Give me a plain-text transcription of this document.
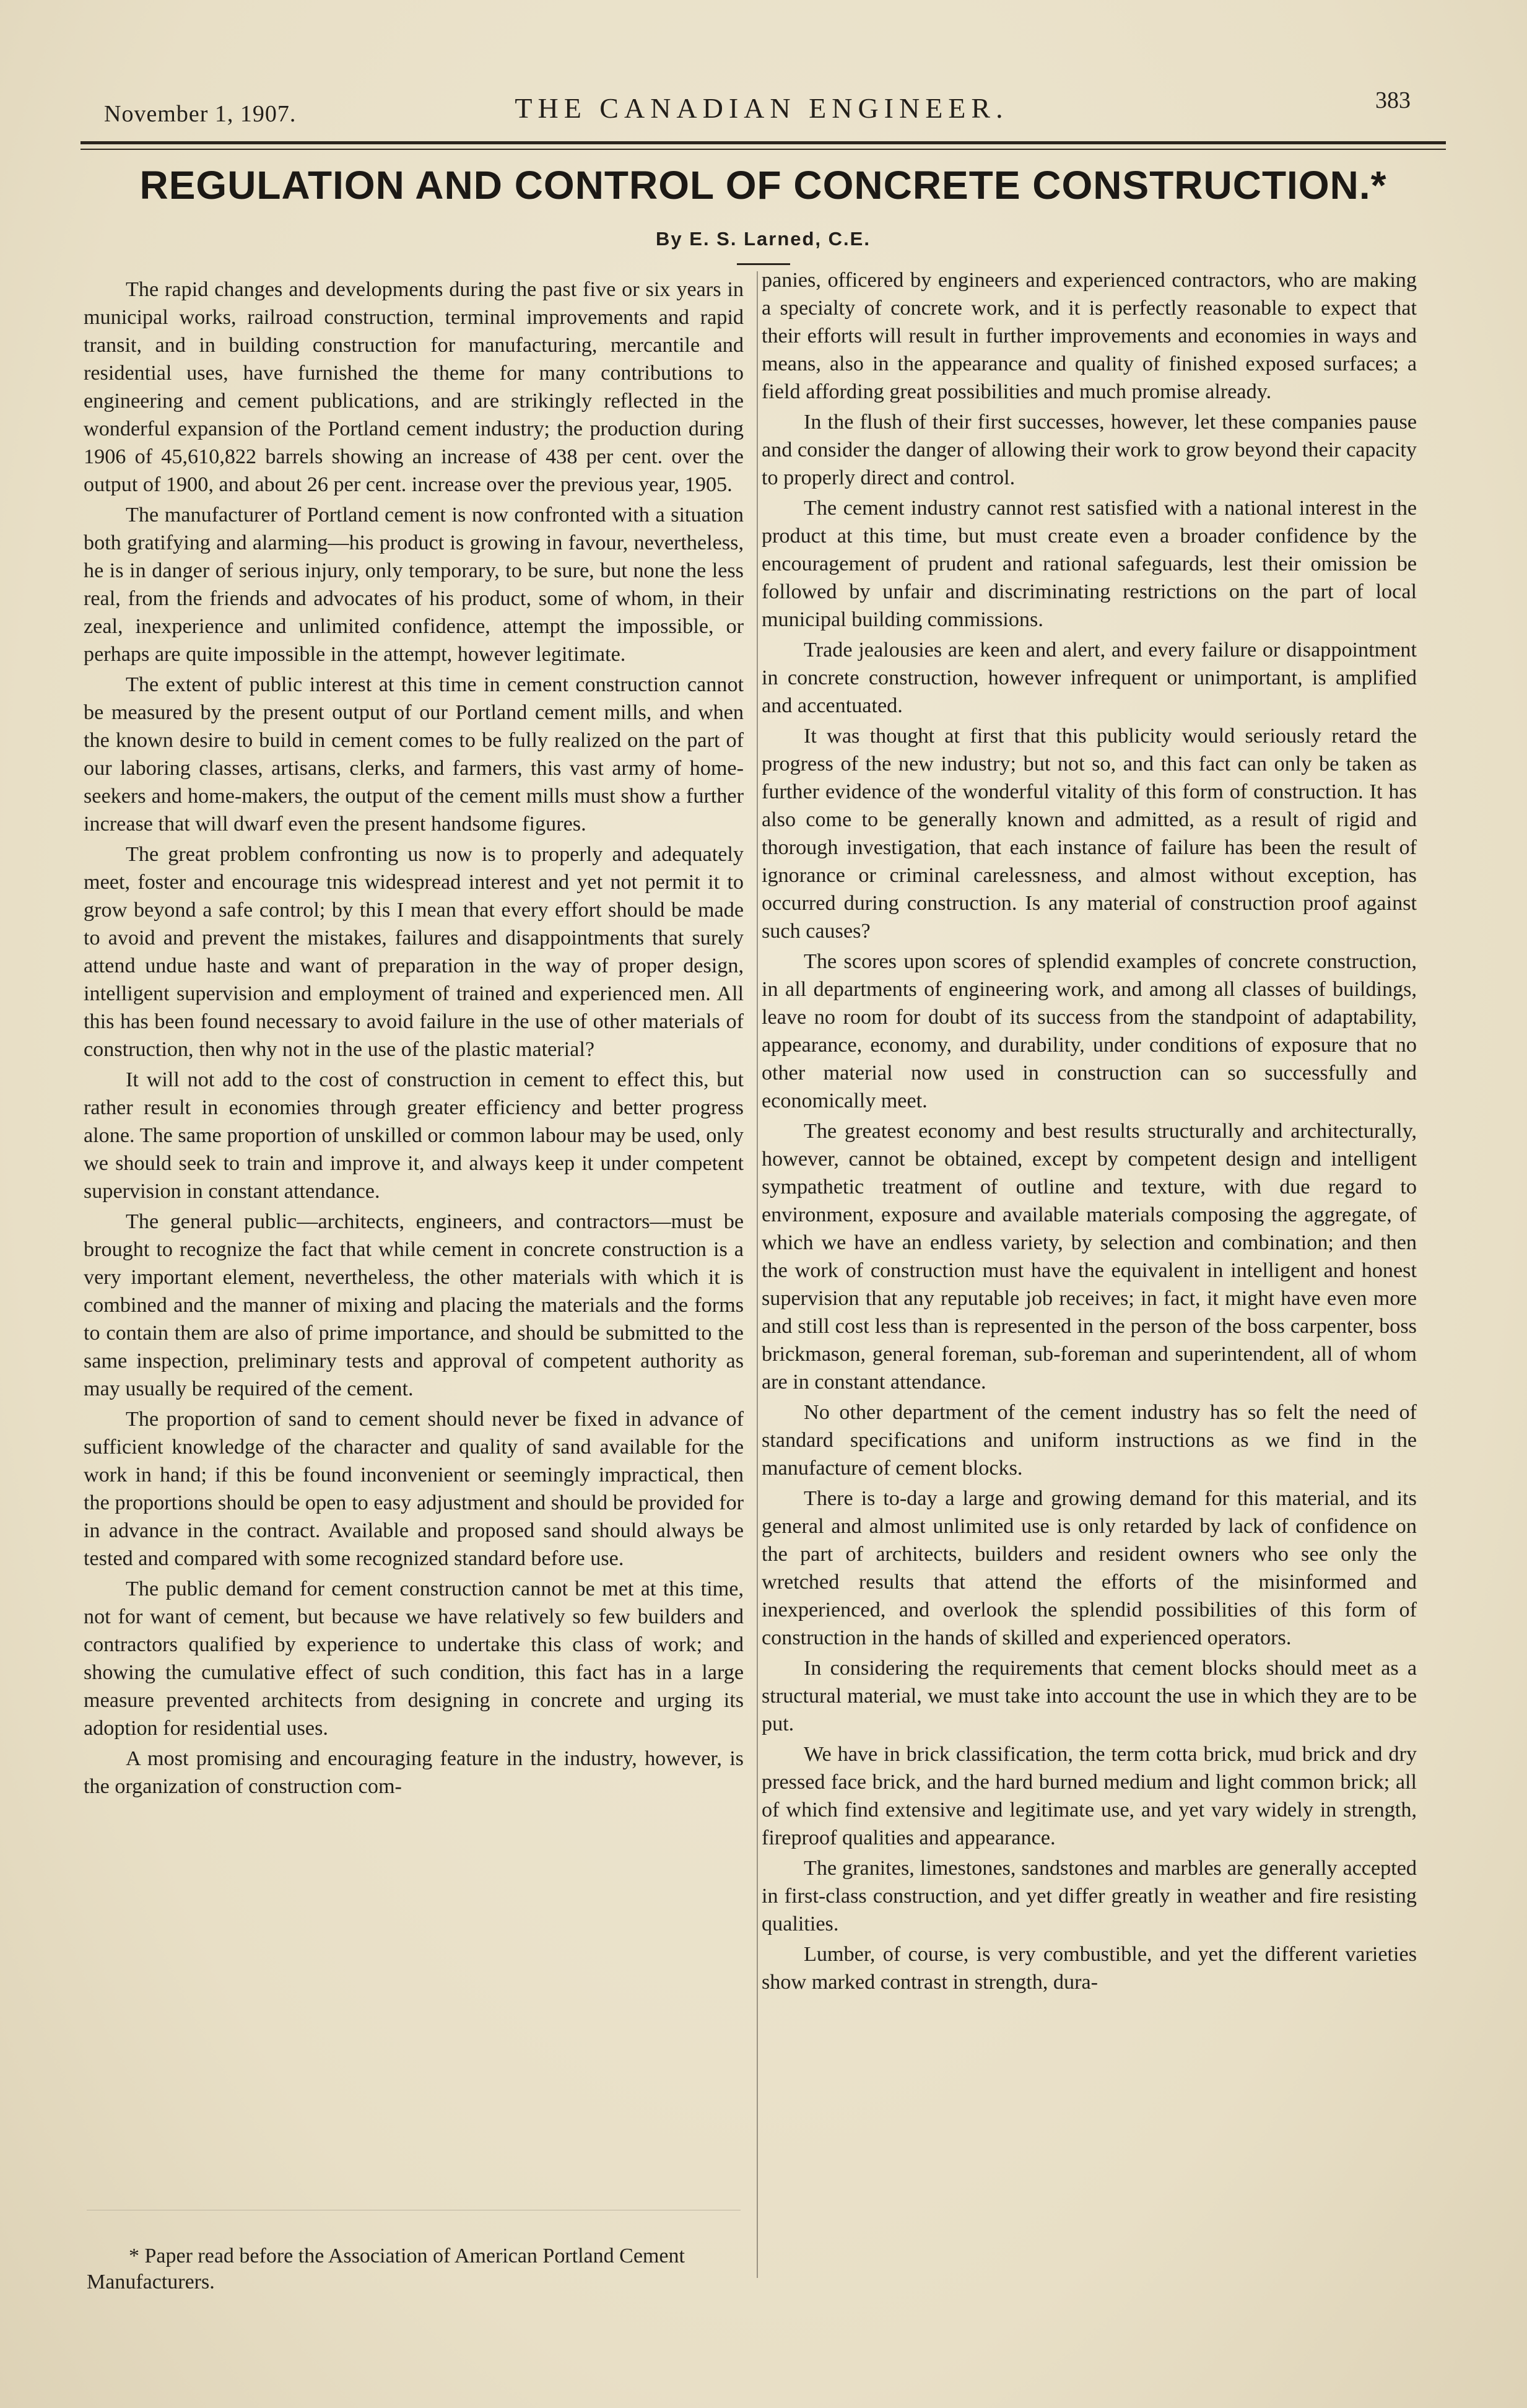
November 1, 1907.	THE CANADIAN ENGINEER.	383
REGULATION AND CONTROL OF CONCRETE CONSTRUCTION.*
By E. S. Larned, C.E.

The rapid changes and developments during the past five or six years in municipal works, railroad construction, terminal improvements and rapid transit, and in building construction for manufacturing, mercantile and residential uses, have furnished the theme for many contributions to engineering and cement publications, and are strikingly reflected in the wonderful expansion of the Portland cement industry; the production during 1906 of 45,610,822 barrels showing an increase of 438 per cent. over the output of 1900, and about 26 per cent. increase over the previous year, 1905.

The manufacturer of Portland cement is now confronted with a situation both gratifying and alarming—his product is growing in favour, nevertheless, he is in danger of serious injury, only temporary, to be sure, but none the less real, from the friends and advocates of his product, some of whom, in their zeal, inexperience and unlimited confidence, attempt the impossible, or perhaps are quite impossible in the attempt, however legitimate.

The extent of public interest at this time in cement construction cannot be measured by the present output of our Portland cement mills, and when the known desire to build in cement comes to be fully realized on the part of our laboring classes, artisans, clerks, and farmers, this vast army of home-seekers and home-makers, the output of the cement mills must show a further increase that will dwarf even the present handsome figures.

The great problem confronting us now is to properly and adequately meet, foster and encourage tnis widespread interest and yet not permit it to grow beyond a safe control; by this I mean that every effort should be made to avoid and prevent the mistakes, failures and disappointments that surely attend undue haste and want of preparation in the way of proper design, intelligent supervision and employment of trained and experienced men. All this has been found necessary to avoid failure in the use of other materials of construction, then why not in the use of the plastic material?

It will not add to the cost of construction in cement to effect this, but rather result in economies through greater efficiency and better progress alone. The same proportion of unskilled or common labour may be used, only we should seek to train and improve it, and always keep it under competent supervision in constant attendance.

The general public—architects, engineers, and contractors—must be brought to recognize the fact that while cement in concrete construction is a very important element, nevertheless, the other materials with which it is combined and the manner of mixing and placing the materials and the forms to contain them are also of prime importance, and should be submitted to the same inspection, preliminary tests and approval of competent authority as may usually be required of the cement.

The proportion of sand to cement should never be fixed in advance of sufficient knowledge of the character and quality of sand available for the work in hand; if this be found inconvenient or seemingly impractical, then the proportions should be open to easy adjustment and should be provided for in advance in the contract. Available and proposed sand should always be tested and compared with some recognized standard before use.

The public demand for cement construction cannot be met at this time, not for want of cement, but because we have relatively so few builders and contractors qualified by experience to undertake this class of work; and showing the cumulative effect of such condition, this fact has in a large measure prevented architects from designing in concrete and urging its adoption for residential uses.

A most promising and encouraging feature in the industry, however, is the organization of construction com-

panies, officered by engineers and experienced contractors, who are making a specialty of concrete work, and it is perfectly reasonable to expect that their efforts will result in further improvements and economies in ways and means, also in the appearance and quality of finished exposed surfaces; a field affording great possibilities and much promise already.

In the flush of their first successes, however, let these companies pause and consider the danger of allowing their work to grow beyond their capacity to properly direct and control.

The cement industry cannot rest satisfied with a national interest in the product at this time, but must create even a broader confidence by the encouragement of prudent and rational safeguards, lest their omission be followed by unfair and discriminating restrictions on the part of local municipal building commissions.

Trade jealousies are keen and alert, and every failure or disappointment in concrete construction, however infrequent or unimportant, is amplified and accentuated.

It was thought at first that this publicity would seriously retard the progress of the new industry; but not so, and this fact can only be taken as further evidence of the wonderful vitality of this form of construction. It has also come to be generally known and admitted, as a result of rigid and thorough investigation, that each instance of failure has been the result of ignorance or criminal carelessness, and almost without exception, has occurred during construction. Is any material of construction proof against such causes?

The scores upon scores of splendid examples of concrete construction, in all departments of engineering work, and among all classes of buildings, leave no room for doubt of its success from the standpoint of adaptability, appearance, economy, and durability, under conditions of exposure that no other material now used in construction can so successfully and economically meet.

The greatest economy and best results structurally and architecturally, however, cannot be obtained, except by competent design and intelligent sympathetic treatment of outline and texture, with due regard to environment, exposure and available materials composing the aggregate, of which we have an endless variety, by selection and combination; and then the work of construction must have the equivalent in intelligent and honest supervision that any reputable job receives; in fact, it might have even more and still cost less than is represented in the person of the boss carpenter, boss brickmason, general foreman, sub-foreman and superintendent, all of whom are in constant attendance.

No other department of the cement industry has so felt the need of standard specifications and uniform instructions as we find in the manufacture of cement blocks.

There is to-day a large and growing demand for this material, and its general and almost unlimited use is only retarded by lack of confidence on the part of architects, builders and resident owners who see only the wretched results that attend the efforts of the misinformed and inexperienced, and overlook the splendid possibilities of this form of construction in the hands of skilled and experienced operators.

In considering the requirements that cement blocks should meet as a structural material, we must take into account the use in which they are to be put.

We have in brick classification, the term cotta brick, mud brick and dry pressed face brick, and the hard burned medium and light common brick; all of which find extensive and legitimate use, and yet vary widely in strength, fireproof qualities and appearance.

The granites, limestones, sandstones and marbles are generally accepted in first-class construction, and yet differ greatly in weather and fire resisting qualities.

Lumber, of course, is very combustible, and yet the different varieties show marked contrast in strength, dura-

* Paper read before the Association of American Portland Cement Manufacturers.
